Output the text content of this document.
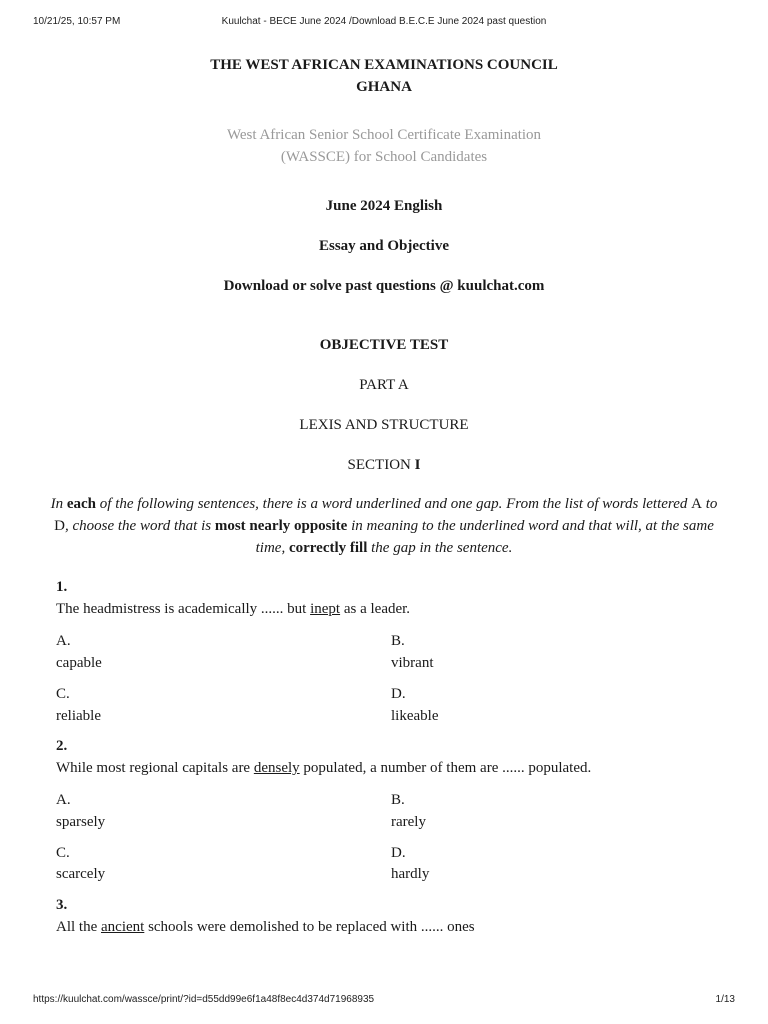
10/21/25, 10:57 PM	Kuulchat - BECE June 2024 /Download B.E.C.E June 2024 past question
THE WEST AFRICAN EXAMINATIONS COUNCIL
GHANA
West African Senior School Certificate Examination
(WASSCE) for School Candidates
June 2024 English
Essay and Objective
Download or solve past questions @ kuulchat.com
OBJECTIVE TEST
PART A
LEXIS AND STRUCTURE
SECTION I
In each of the following sentences, there is a word underlined and one gap. From the list of words lettered A to D, choose the word that is most nearly opposite in meaning to the underlined word and that will, at the same time, correctly fill the gap in the sentence.
1.
The headmistress is academically ...... but inept as a leader.
A.
capable
B.
vibrant
C.
reliable
D.
likeable
2.
While most regional capitals are densely populated, a number of them are ...... populated.
A.
sparsely
B.
rarely
C.
scarcely
D.
hardly
3.
All the ancient schools were demolished to be replaced with ...... ones
https://kuulchat.com/wassce/print/?id=d55dd99e6f1a48f8ec4d374d71968935	1/13
